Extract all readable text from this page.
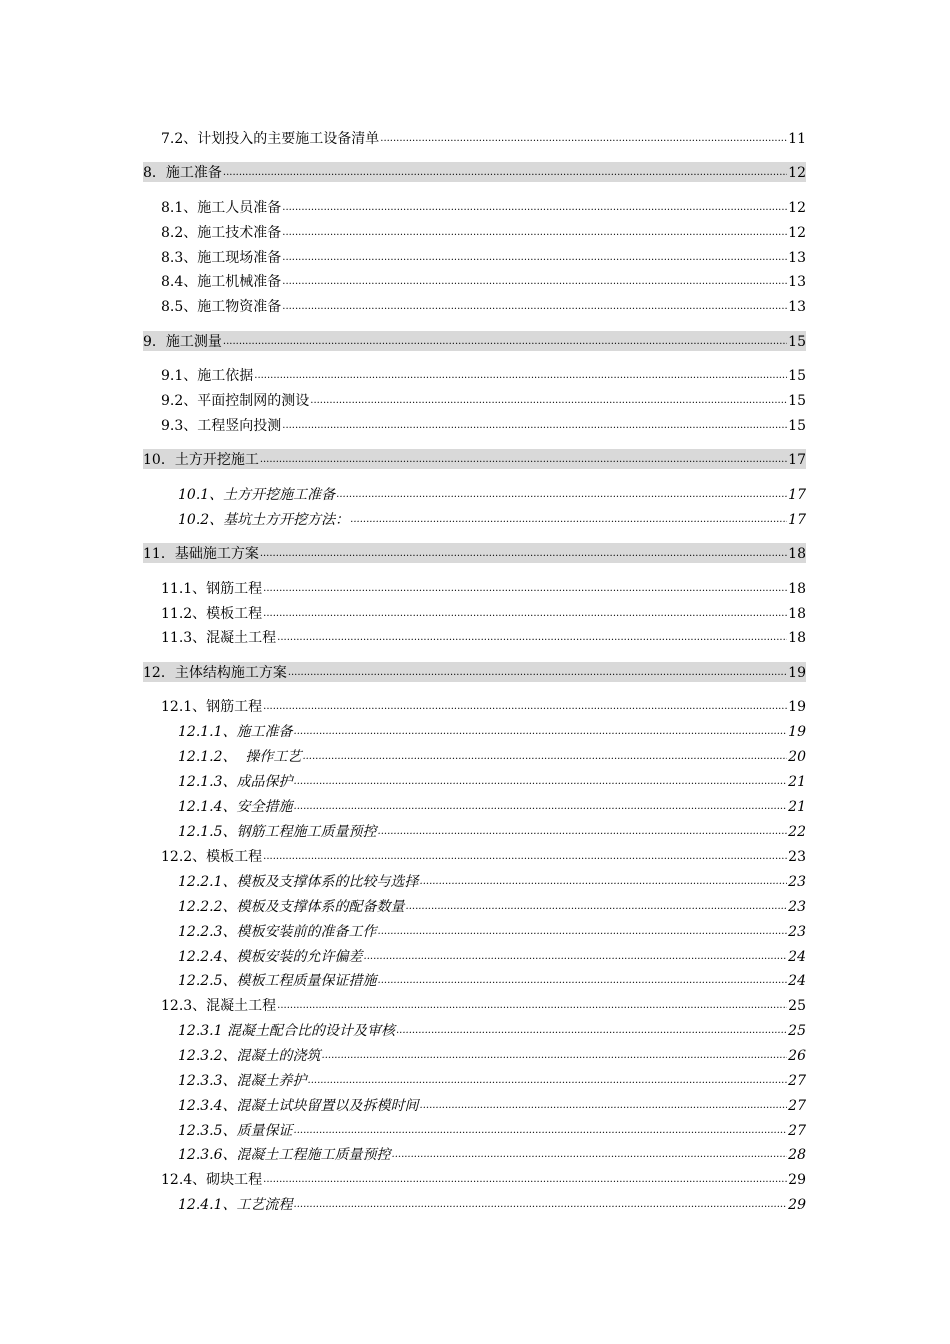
7.2、计划投入的主要施工设备清单 .....	11
8．施工准备 .....	12
8.1、施工人员准备 .....	12
8.2、施工技术准备 .....	12
8.3、施工现场准备 .....	13
8.4、施工机械准备 .....	13
8.5、施工物资准备 .....	13
9．施工测量 .....	15
9.1、施工依据 .....	15
9.2、平面控制网的测设 .....	15
9.3、工程竖向投测 .....	15
10．土方开挖施工 .....	17
10.1、土方开挖施工准备 .....	17
10.2、基坑土方开挖方法： .....	17
11．基础施工方案 .....	18
11.1、钢筋工程 .....	18
11.2、模板工程 .....	18
11.3、混凝土工程 .....	18
12．主体结构施工方案 .....	19
12.1、钢筋工程 .....	19
12.1.1、施工准备 .....	19
12.1.2、  操作工艺 .....	20
12.1.3、成品保护 .....	21
12.1.4、安全措施 .....	21
12.1.5、钢筋工程施工质量预控 .....	22
12.2、模板工程 .....	23
12.2.1、模板及支撑体系的比较与选择 .....	23
12.2.2、模板及支撑体系的配备数量 .....	23
12.2.3、模板安装前的准备工作 .....	23
12.2.4、模板安装的允许偏差 .....	24
12.2.5、模板工程质量保证措施 .....	24
12.3、混凝土工程 .....	25
12.3.1 混凝土配合比的设计及审核 .....	25
12.3.2、混凝土的浇筑 .....	26
12.3.3、混凝土养护 .....	27
12.3.4、混凝土试块留置以及拆模时间 .....	27
12.3.5、质量保证 .....	27
12.3.6、混凝土工程施工质量预控 .....	28
12.4、砌块工程 .....	29
12.4.1、工艺流程 .....	29
